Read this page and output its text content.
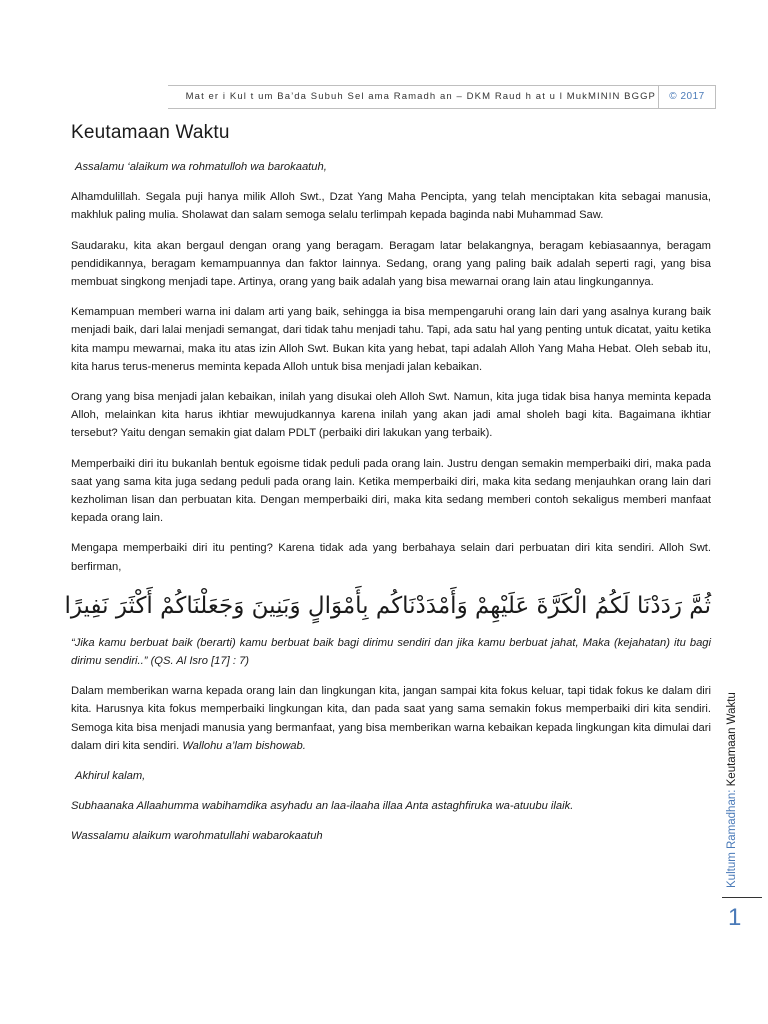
Mat er i Kul t um Ba’da Subuh Sel ama Ramadh an – DKM Raud h at u l MukMININ BGGP	© 2017
Keutamaan Waktu

Assalamu ‘alaikum wa rohmatulloh wa barokaatuh,

Alhamdulillah. Segala puji hanya milik Alloh Swt., Dzat Yang Maha Pencipta, yang telah menciptakan kita sebagai manusia, makhluk paling mulia. Sholawat dan salam semoga selalu terlimpah kepada baginda nabi Muhammad Saw.

Saudaraku, kita akan bergaul dengan orang yang beragam. Beragam latar belakangnya, beragam kebiasaannya, beragam pendidikannya, beragam kemampuannya dan faktor lainnya. Sedang, orang yang paling baik adalah seperti ragi, yang bisa membuat singkong menjadi tape. Artinya, orang yang baik adalah yang bisa mewarnai orang lain atau lingkungannya.

Kemampuan memberi warna ini dalam arti yang baik, sehingga ia bisa mempengaruhi orang lain dari yang asalnya kurang baik menjadi baik, dari lalai menjadi semangat, dari tidak tahu menjadi tahu. Tapi, ada satu hal yang penting untuk dicatat, yaitu ketika kita mampu mewarnai, maka itu atas izin Alloh Swt. Bukan kita yang hebat, tapi adalah Alloh Yang Maha Hebat. Oleh sebab itu, kita harus terus-menerus meminta kepada Alloh untuk bisa menjadi jalan kebaikan.

Orang yang bisa menjadi jalan kebaikan, inilah yang disukai oleh Alloh Swt. Namun, kita juga tidak bisa hanya meminta kepada Alloh, melainkan kita harus ikhtiar mewujudkannya karena inilah yang akan jadi amal sholeh bagi kita. Bagaimana ikhtiar tersebut? Yaitu dengan semakin giat dalam PDLT (perbaiki diri lakukan yang terbaik).

Memperbaiki diri itu bukanlah bentuk egoisme tidak peduli pada orang lain. Justru dengan semakin memperbaiki diri, maka pada saat yang sama kita juga sedang peduli pada orang lain. Ketika memperbaiki diri, maka kita sedang menjauhkan orang lain dari kezholiman lisan dan perbuatan kita. Dengan memperbaiki diri, maka kita sedang memberi contoh sekaligus memberi manfaat kepada orang lain.

Mengapa memperbaiki diri itu penting? Karena tidak ada yang berbahaya selain dari perbuatan diri kita sendiri. Alloh Swt. berfirman,

ثُمَّ رَدَدْنَا لَكُمُ الْكَرَّةَ عَلَيْهِمْ وَأَمْدَدْنَاكُم بِأَمْوَالٍ وَبَنِينَ وَجَعَلْنَاكُمْ أَكْثَرَ نَفِيرًا

“Jika kamu berbuat baik (berarti) kamu berbuat baik bagi dirimu sendiri dan jika kamu berbuat jahat, Maka (kejahatan) itu bagi dirimu sendiri..” (QS. Al Isro [17] : 7)

Dalam memberikan warna kepada orang lain dan lingkungan kita, jangan sampai kita fokus keluar, tapi tidak fokus ke dalam diri kita. Harusnya kita fokus memperbaiki lingkungan kita, dan pada saat yang sama semakin fokus memperbaiki diri kita sendiri. Semoga kita bisa menjadi manusia yang bermanfaat, yang bisa memberikan warna kebaikan kepada lingkungan kita dimulai dari dalam diri kita sendiri. Wallohu a’lam bishowab.

Akhirul kalam,

Subhaanaka Allaahumma wabihamdika asyhadu an laa-ilaaha illaa Anta astaghfiruka wa-atuubu ilaik.

Wassalamu alaikum warohmatullahi wabarokaatuh	Kultum Ramadhan: Keutamaan Waktu
1
